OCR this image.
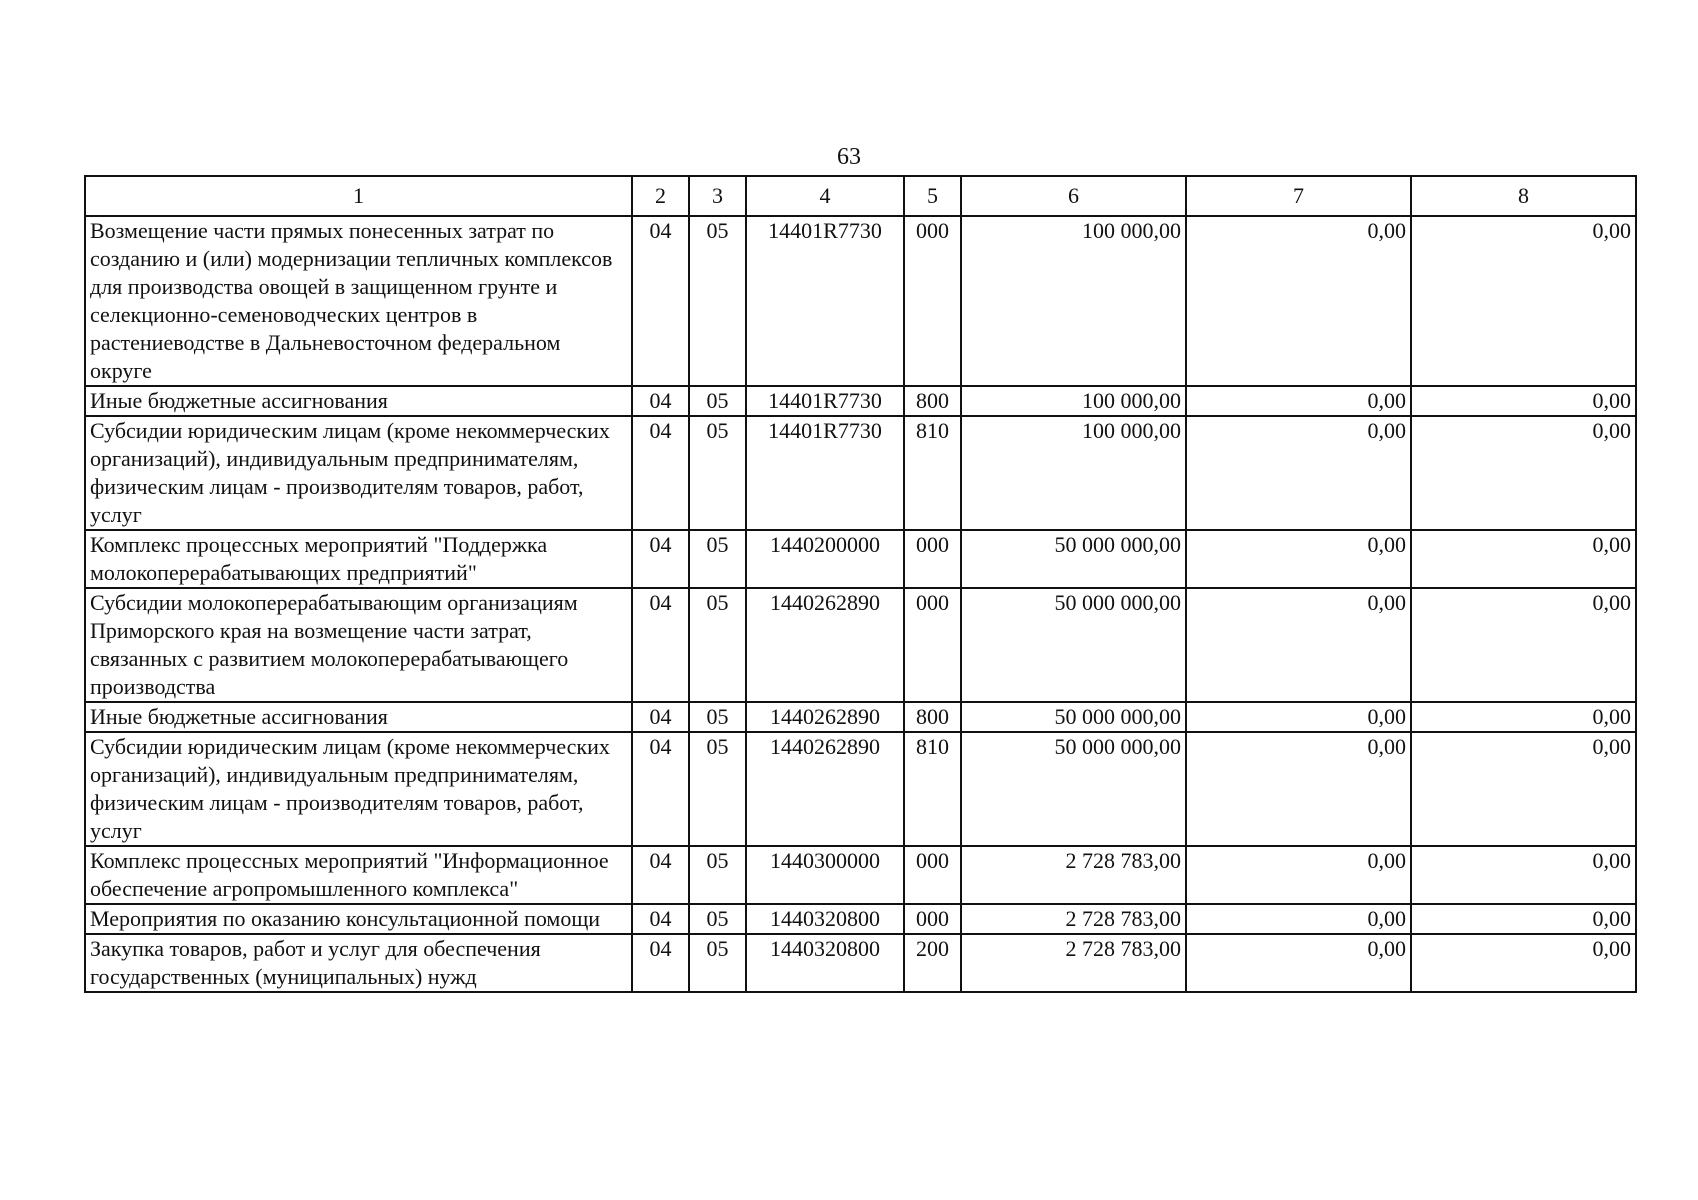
63
1	2	3	4	5	6	7	8
Возмещение части прямых понесенных затрат по созданию и (или) модернизации тепличных комплексов для производства овощей в защищенном грунте и селекционно-семеноводческих центров в растениеводстве в Дальневосточном федеральном округе	04	05	14401R7730	000	100 000,00	0,00	0,00

Иные бюджетные ассигнования	04	05	14401R7730	800	100 000,00	0,00	0,00

Субсидии юридическим лицам (кроме некоммерческих организаций), индивидуальным предпринимателям, физическим лицам - производителям товаров, работ, услуг	04	05	14401R7730	810	100 000,00	0,00	0,00

Комплекс процессных мероприятий "Поддержка молокоперерабатывающих предприятий"	04	05	1440200000	000	50 000 000,00	0,00	0,00

Субсидии молокоперерабатывающим организациям Приморского края на возмещение части затрат, связанных с развитием молокоперерабатывающего производства	04	05	1440262890	000	50 000 000,00	0,00	0,00

Иные бюджетные ассигнования	04	05	1440262890	800	50 000 000,00	0,00	0,00

Субсидии юридическим лицам (кроме некоммерческих организаций), индивидуальным предпринимателям, физическим лицам - производителям товаров, работ, услуг	04	05	1440262890	810	50 000 000,00	0,00	0,00

Комплекс процессных мероприятий "Информационное обеспечение агропромышленного комплекса"	04	05	1440300000	000	2 728 783,00	0,00	0,00

Мероприятия по оказанию консультационной помощи	04	05	1440320800	000	2 728 783,00	0,00	0,00

Закупка товаров, работ и услуг для обеспечения государственных (муниципальных) нужд	04	05	1440320800	200	2 728 783,00	0,00	0,00
